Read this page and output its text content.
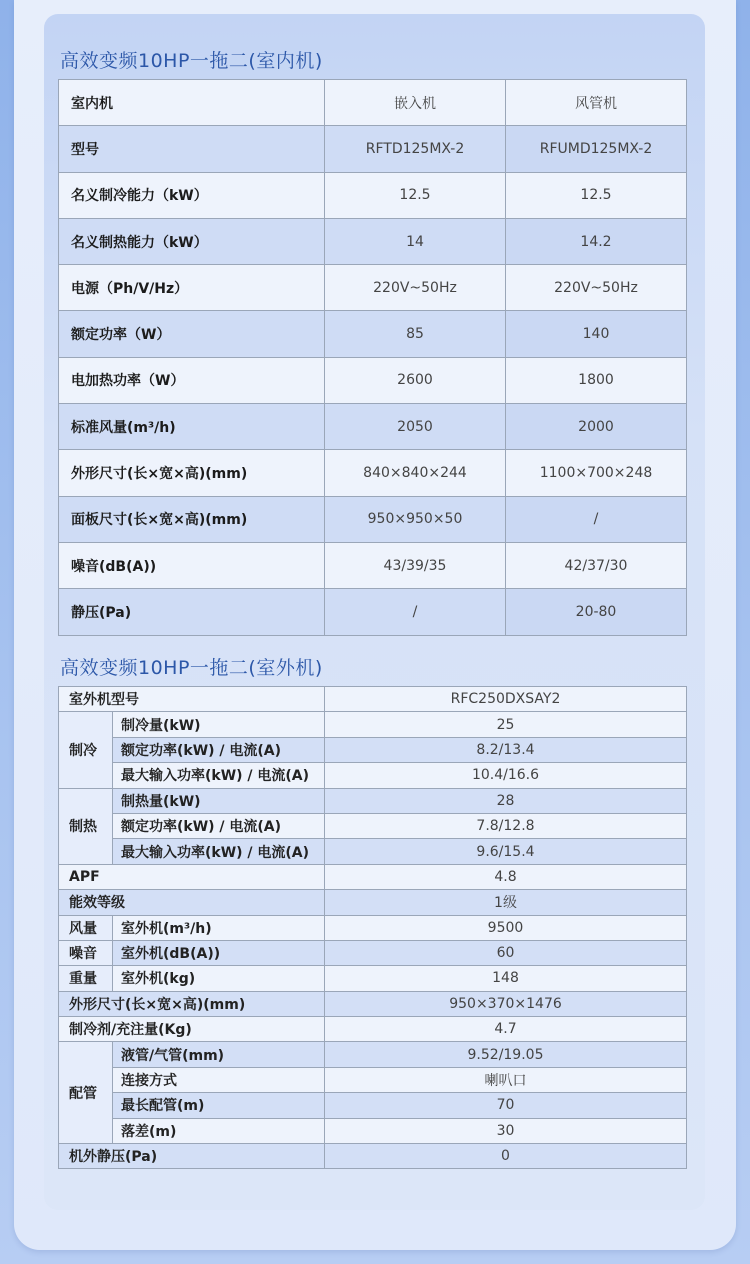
高效变频10HP一拖二(室内机)
室内机	嵌入机	风管机
型号	RFTD125MX-2	RFUMD125MX-2
名义制冷能力（kW）	12.5	12.5
名义制热能力（kW）	14	14.2
电源（Ph/V/Hz）	220V~50Hz	220V~50Hz
额定功率（W）	85	140
电加热功率（W）	2600	1800
标准风量(m³/h)	2050	2000
外形尺寸(长×宽×高)(mm)	840×840×244	1100×700×248
面板尺寸(长×宽×高)(mm)	950×950×50	/
噪音(dB(A))	43/39/35	42/37/30
静压(Pa)	/	20-80
高效变频10HP一拖二(室外机)
室外机型号		RFC250DXSAY2
制冷	制冷量(kW)	25
	额定功率(kW) / 电流(A)	8.2/13.4
	最大输入功率(kW) / 电流(A)	10.4/16.6
制热	制热量(kW)	28
	额定功率(kW) / 电流(A)	7.8/12.8
	最大输入功率(kW) / 电流(A)	9.6/15.4
APF		4.8
能效等级		1级
风量	室外机(m³/h)	9500
噪音	室外机(dB(A))	60
重量	室外机(kg)	148
外形尺寸(长×宽×高)(mm)		950×370×1476
制冷剂/充注量(Kg)		4.7
配管	液管/气管(mm)	9.52/19.05
	连接方式	喇叭口
	最长配管(m)	70
	落差(m)	30
机外静压(Pa)		0
